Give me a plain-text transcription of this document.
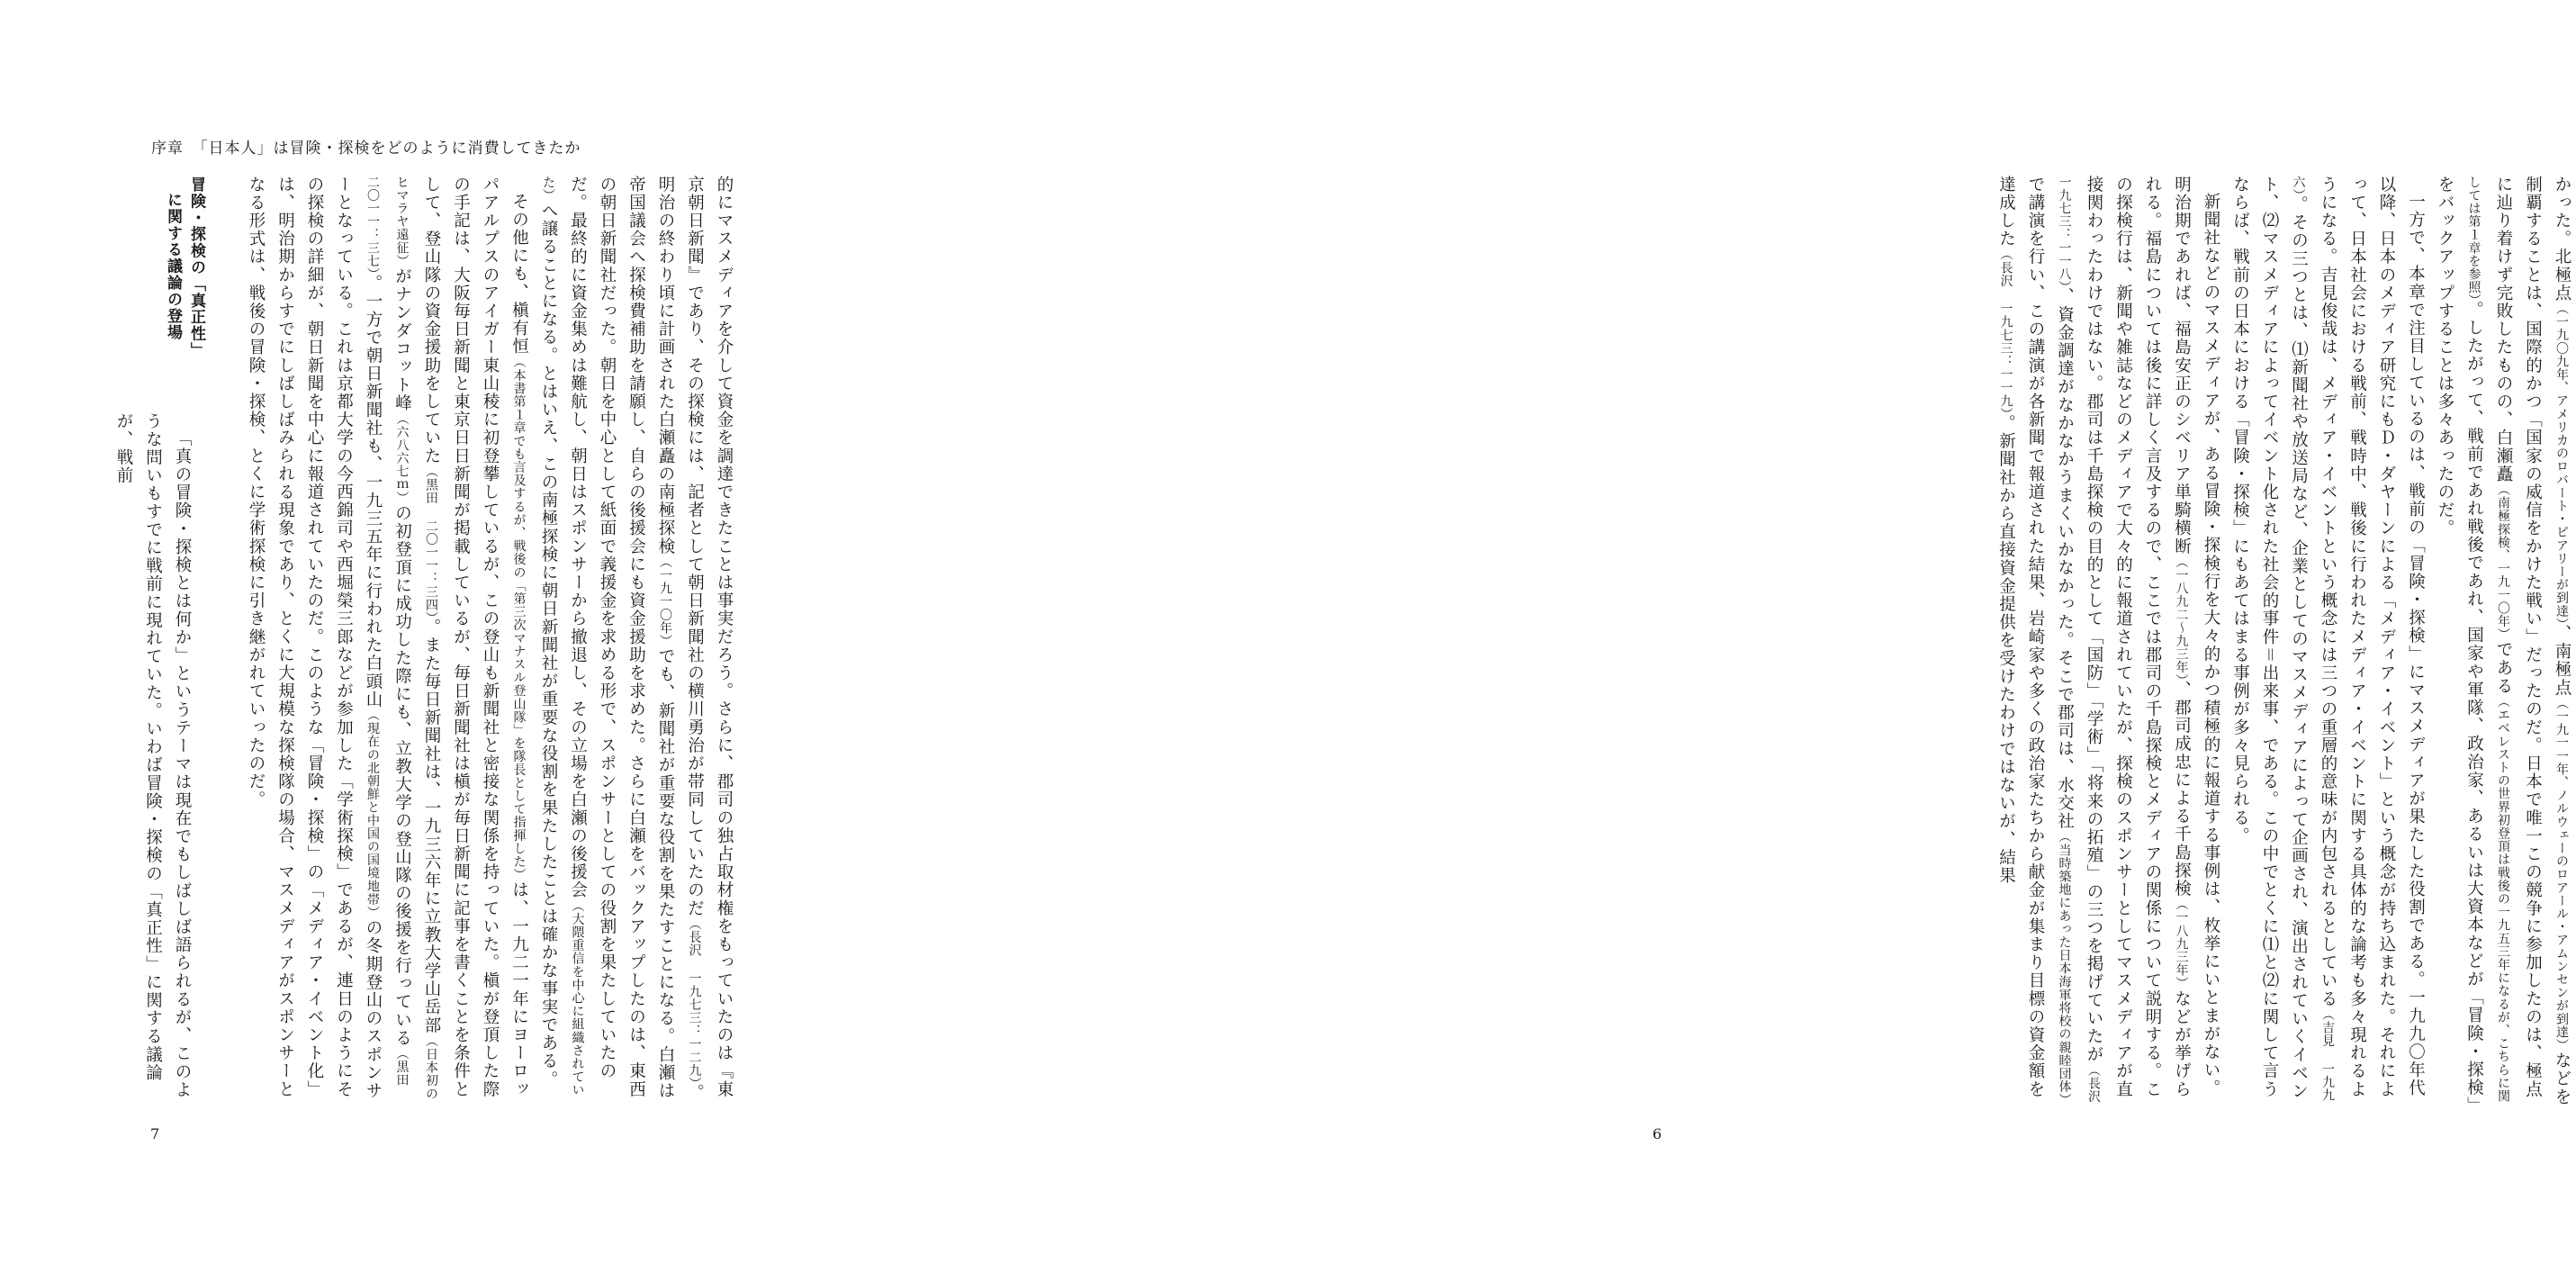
序章　「日本人」は冒険・探検をどのように消費してきたか

的にマスメディアを介して資金を調達できたことは事実だろう。さらに、郡司の独占取材権をもっていたのは『東京朝日新聞』であり、その探検には、記者として朝日新聞社の横川勇治が帯同していたのだ（長沢 一九七三：一二九）。明治の終わり頃に計画された白瀬矗の南極探検（一九一〇年）でも、新聞社が重要な役割を果たすことになる。白瀬は帝国議会へ探検費補助を請願し、自らの後援会にも資金援助を求めた。さらに白瀬をバックアップしたのは、東西の朝日新聞社だった。朝日を中心として紙面で義援金を求める形で、スポンサーとしての役割を果たしていたのだ。最終的に資金集めは難航し、朝日はスポンサーから撤退し、その立場を白瀬の後援会（大隈重信を中心に組織されていた）へ譲ることになる。とはいえ、この南極探検に朝日新聞社が重要な役割を果たしたことは確かな事実である。

その他にも、槇有恒（本書第１章でも言及するが、戦後の「第三次マナスル登山隊」を隊長として指揮した）は、一九二一年にヨーロッパアルプスのアイガー東山稜に初登攀しているが、この登山も新聞社と密接な関係を持っていた。槇が登頂した際の手記は、大阪毎日新聞と東京日日新聞が掲載しているが、毎日新聞社は槇が毎日新聞に記事を書くことを条件として、登山隊の資金援助をしていた（黒田 二〇一一：三四）。また毎日新聞社は、一九三六年に立教大学山岳部（日本初のヒマラヤ遠征）がナンダコット峰（六八六七ｍ）の初登頂に成功した際にも、立教大学の登山隊の後援を行っている（黒田 二〇一一：三七）。一方で朝日新聞社も、一九三五年に行われた白頭山（現在の北朝鮮と中国の国境地帯）の冬期登山のスポンサーとなっている。これは京都大学の今西錦司や西堀榮三郎などが参加した「学術探検」であるが、連日のようにその探検の詳細が、朝日新聞を中心に報道されていたのだ。このような「冒険・探検」の「メディア・イベント化」は、明治期からすでにしばしばみられる現象であり、とくに大規模な探検隊の場合、マスメディアがスポンサーとなる形式は、戦後の冒険・探検、とくに学術探検に引き継がれていったのだ。

冒険・探検の「真正性」
に関する議論の登場

「真の冒険・探検とは何か」というテーマは現在でもしばしば語られるが、このような問いもすでに戦前に現れていた。いわば冒険・探検の「真正性」に関する議論が、戦前

7

かった。北極点（一九〇九年、アメリカのロバート・ピアリーが到達）、南極点（一九一一年、ノルウェーのロアール・アムンセンが到達）などを制覇することは、国際的かつ「国家の威信をかけた戦い」だったのだ。日本で唯一この競争に参加したのは、極点に辿り着けず完敗したものの、白瀬矗（南極探検、一九一〇年）である（エベレストの世界初登頂は戦後の一九五三年になるが、こちらに関しては第１章を参照）。したがって、戦前であれ戦後であれ、国家や軍隊、政治家、あるいは大資本などが「冒険・探検」をバックアップすることは多々あったのだ。

一方で、本章で注目しているのは、戦前の「冒険・探検」にマスメディアが果たした役割である。一九九〇年代以降、日本のメディア研究にもＤ・ダヤーンによる「メディア・イベント」という概念が持ち込まれた。それによって、日本社会における戦前、戦時中、戦後に行われたメディア・イベントに関する具体的な論考も多々現れるようになる。吉見俊哉は、メディア・イベントという概念には三つの重層的意味が内包されるとしている（吉見 一九九六）。その三つとは、⑴新聞社や放送局など、企業としてのマスメディアによって企画され、演出されていくイベント、⑵マスメディアによってイベント化された社会的事件＝出来事、である。この中でとくに⑴と⑵に関して言うならば、戦前の日本における「冒険・探検」にもあてはまる事例が多々見られる。

新聞社などのマスメディアが、ある冒険・探検行を大々的かつ積極的に報道する事例は、枚挙にいとまがない。明治期であれば、福島安正のシベリア単騎横断（一八九二〜九三年）、郡司成忠による千島探検（一八九三年）などが挙げられる。福島については後に詳しく言及するので、ここでは郡司の千島探検とメディアの関係について説明する。この探検行は、新聞や雑誌などのメディアで大々的に報道されていたが、探検のスポンサーとしてマスメディアが直接関わったわけではない。郡司は千島探検の目的として「国防」「学術」「将来の拓殖」の三つを掲げていたが（長沢 一九七三：一一八）、資金調達がなかなかうまくいかなかった。そこで郡司は、水交社（当時築地にあった日本海軍将校の親睦団体）で講演を行い、この講演が各新聞で報道された結果、岩崎家や多くの政治家たちから献金が集まり目標の資金額を達成した（長沢 一九七三：一一九）。新聞社から直接資金提供を受けたわけではないが、結果

6
